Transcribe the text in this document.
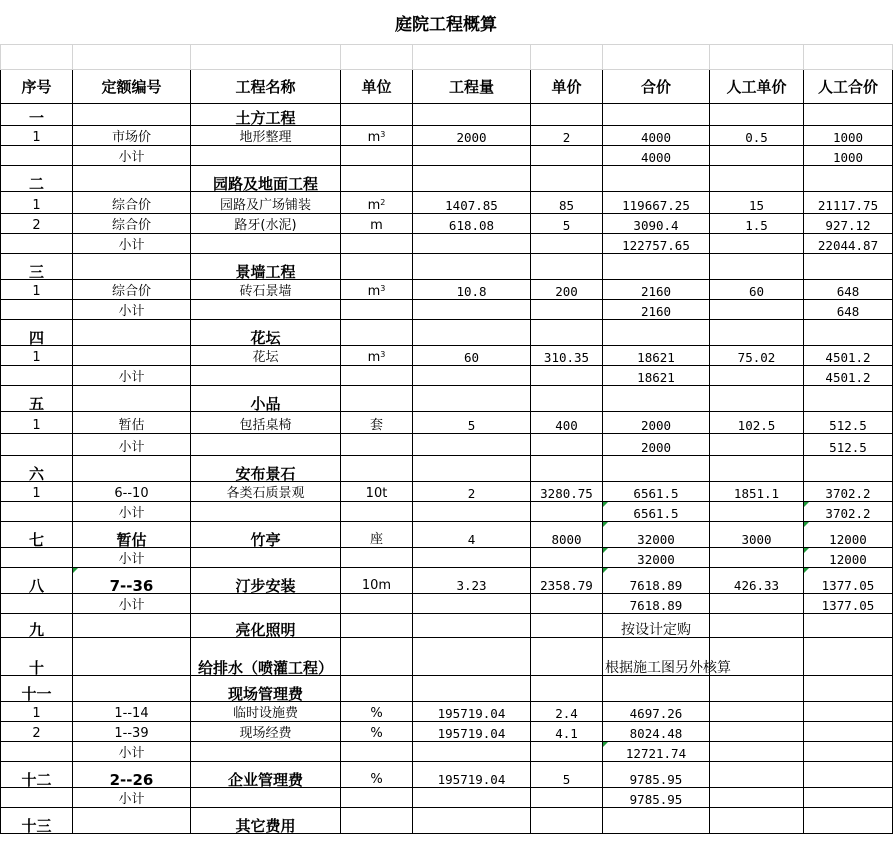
庭院工程概算

序号	定额编号	工程名称	单位	工程量	单价	合价	人工单价	人工合价
一		土方工程						
1	市场价	地形整理	$m^3$	2000	2	4000	0.5	1000
	小计					4000		1000
二		园路及地面工程						
1	综合价	园路及广场铺装	$m^2$	1407.85	85	119667.25	15	21117.75
2	综合价	路牙(水泥)	m	618.08	5	3090.4	1.5	927.12
	小计					122757.65		22044.87
三		景墙工程						
1	综合价	砖石景墙	$m^3$	10.8	200	2160	60	648
	小计					2160		648
四		花坛						
1		花坛	$m^3$	60	310.35	18621	75.02	4501.2
	小计					18621		4501.2
五		小品						
1	暂估	包括桌椅	套	5	400	2000	102.5	512.5
	小计					2000		512.5
六		安布景石						
1	6--10	各类石质景观	10t	2	3280.75	6561.5	1851.1	3702.2
	小计					6561.5		3702.2
七	暂估	竹亭	座	4	8000	32000	3000	12000
	小计					32000		12000
八	7--36	汀步安装	10m	3.23	2358.79	7618.89	426.33	1377.05
	小计					7618.89		1377.05
九		亮化照明				按设计定购		
十		给排水（喷灌工程）				根据施工图另外核算		
十一		现场管理费						
1	1--14	临时设施费	%	195719.04	2.4	4697.26		
2	1--39	现场经费	%	195719.04	4.1	8024.48		
	小计					12721.74		
十二	2--26	企业管理费	%	195719.04	5	9785.95		
	小计					9785.95		
十三		其它费用						
